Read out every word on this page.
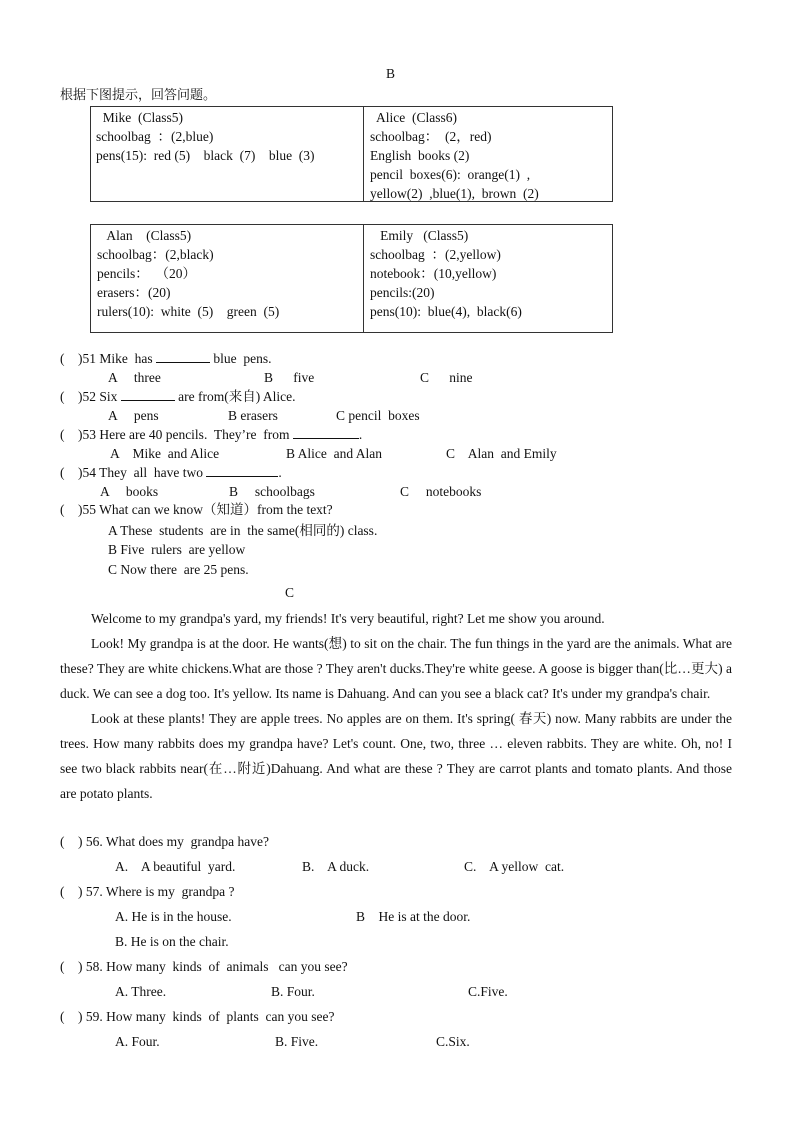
B
根据下图提示，回答问题。
Mike  (Class5)
schoolbag  ：(2,blue)
pens(15):  red (5)    black  (7)    blue  (3)
Alice  (Class6)
schoolbag：  (2，red)
English  books (2)
pencil  boxes(6):  orange(1)  ,
yellow(2)  ,blue(1),  brown  (2)
Alan    (Class5)
schoolbag：(2,black)
pencils：  （20）
erasers：(20)
rulers(10):  white  (5)    green  (5)
Emily   (Class5)
schoolbag  ：(2,yellow)
notebook：(10,yellow)
pencils:(20)
pens(10):  blue(4),  black(6)
(    )51 Mike  has	blue  pens.
A     three	B      five	C      nine
(    )52 Six	are from(来自) Alice.
A     pens	B erasers	C pencil  boxes
(    )53 Here are 40 pencils.  They’re  from	.
A    Mike  and Alice	B Alice  and Alan	C    Alan  and Emily
(    )54 They  all  have two	.
A     books	B     schoolbags	C     notebooks
(    )55 What can we know（知道）from the text?
A These  students  are in  the same(相同的) class.
B Five  rulers  are yellow
C Now there  are 25 pens.
C

Welcome to my grandpa's yard, my friends! It's very beautiful, right? Let me show you around.

Look! My grandpa is at the door. He wants(想) to sit on the chair. The fun things in the yard are the animals. What are these? They are white chickens.What are those ? They aren't ducks.They're white geese. A goose is bigger than(比…更大) a duck. We can see a dog too. It's yellow. Its name is Dahuang. And can you see a black cat? It's under my grandpa's chair.

Look at these plants! They are apple trees. No apples are on them. It's spring( 春天) now. Many rabbits are under the trees. How many rabbits does my grandpa have? Let's count. One, two, three … eleven rabbits. They are white. Oh, no! I see two black rabbits near(在…附近)Dahuang. And what are these ? They are carrot plants and tomato plants. And those are potato plants.

(    ) 56. What does my  grandpa have?
A.    A beautiful  yard.	B.    A duck.	C.    A yellow  cat.
(    ) 57. Where is my  grandpa ?
A. He is in the house.	B    He is at the door.
B. He is on the chair.
(    ) 58. How many  kinds  of  animals   can you see?
A. Three.	B. Four.	C.Five.
(    ) 59. How many  kinds  of  plants  can you see?
A. Four.	B. Five.	C.Six.
